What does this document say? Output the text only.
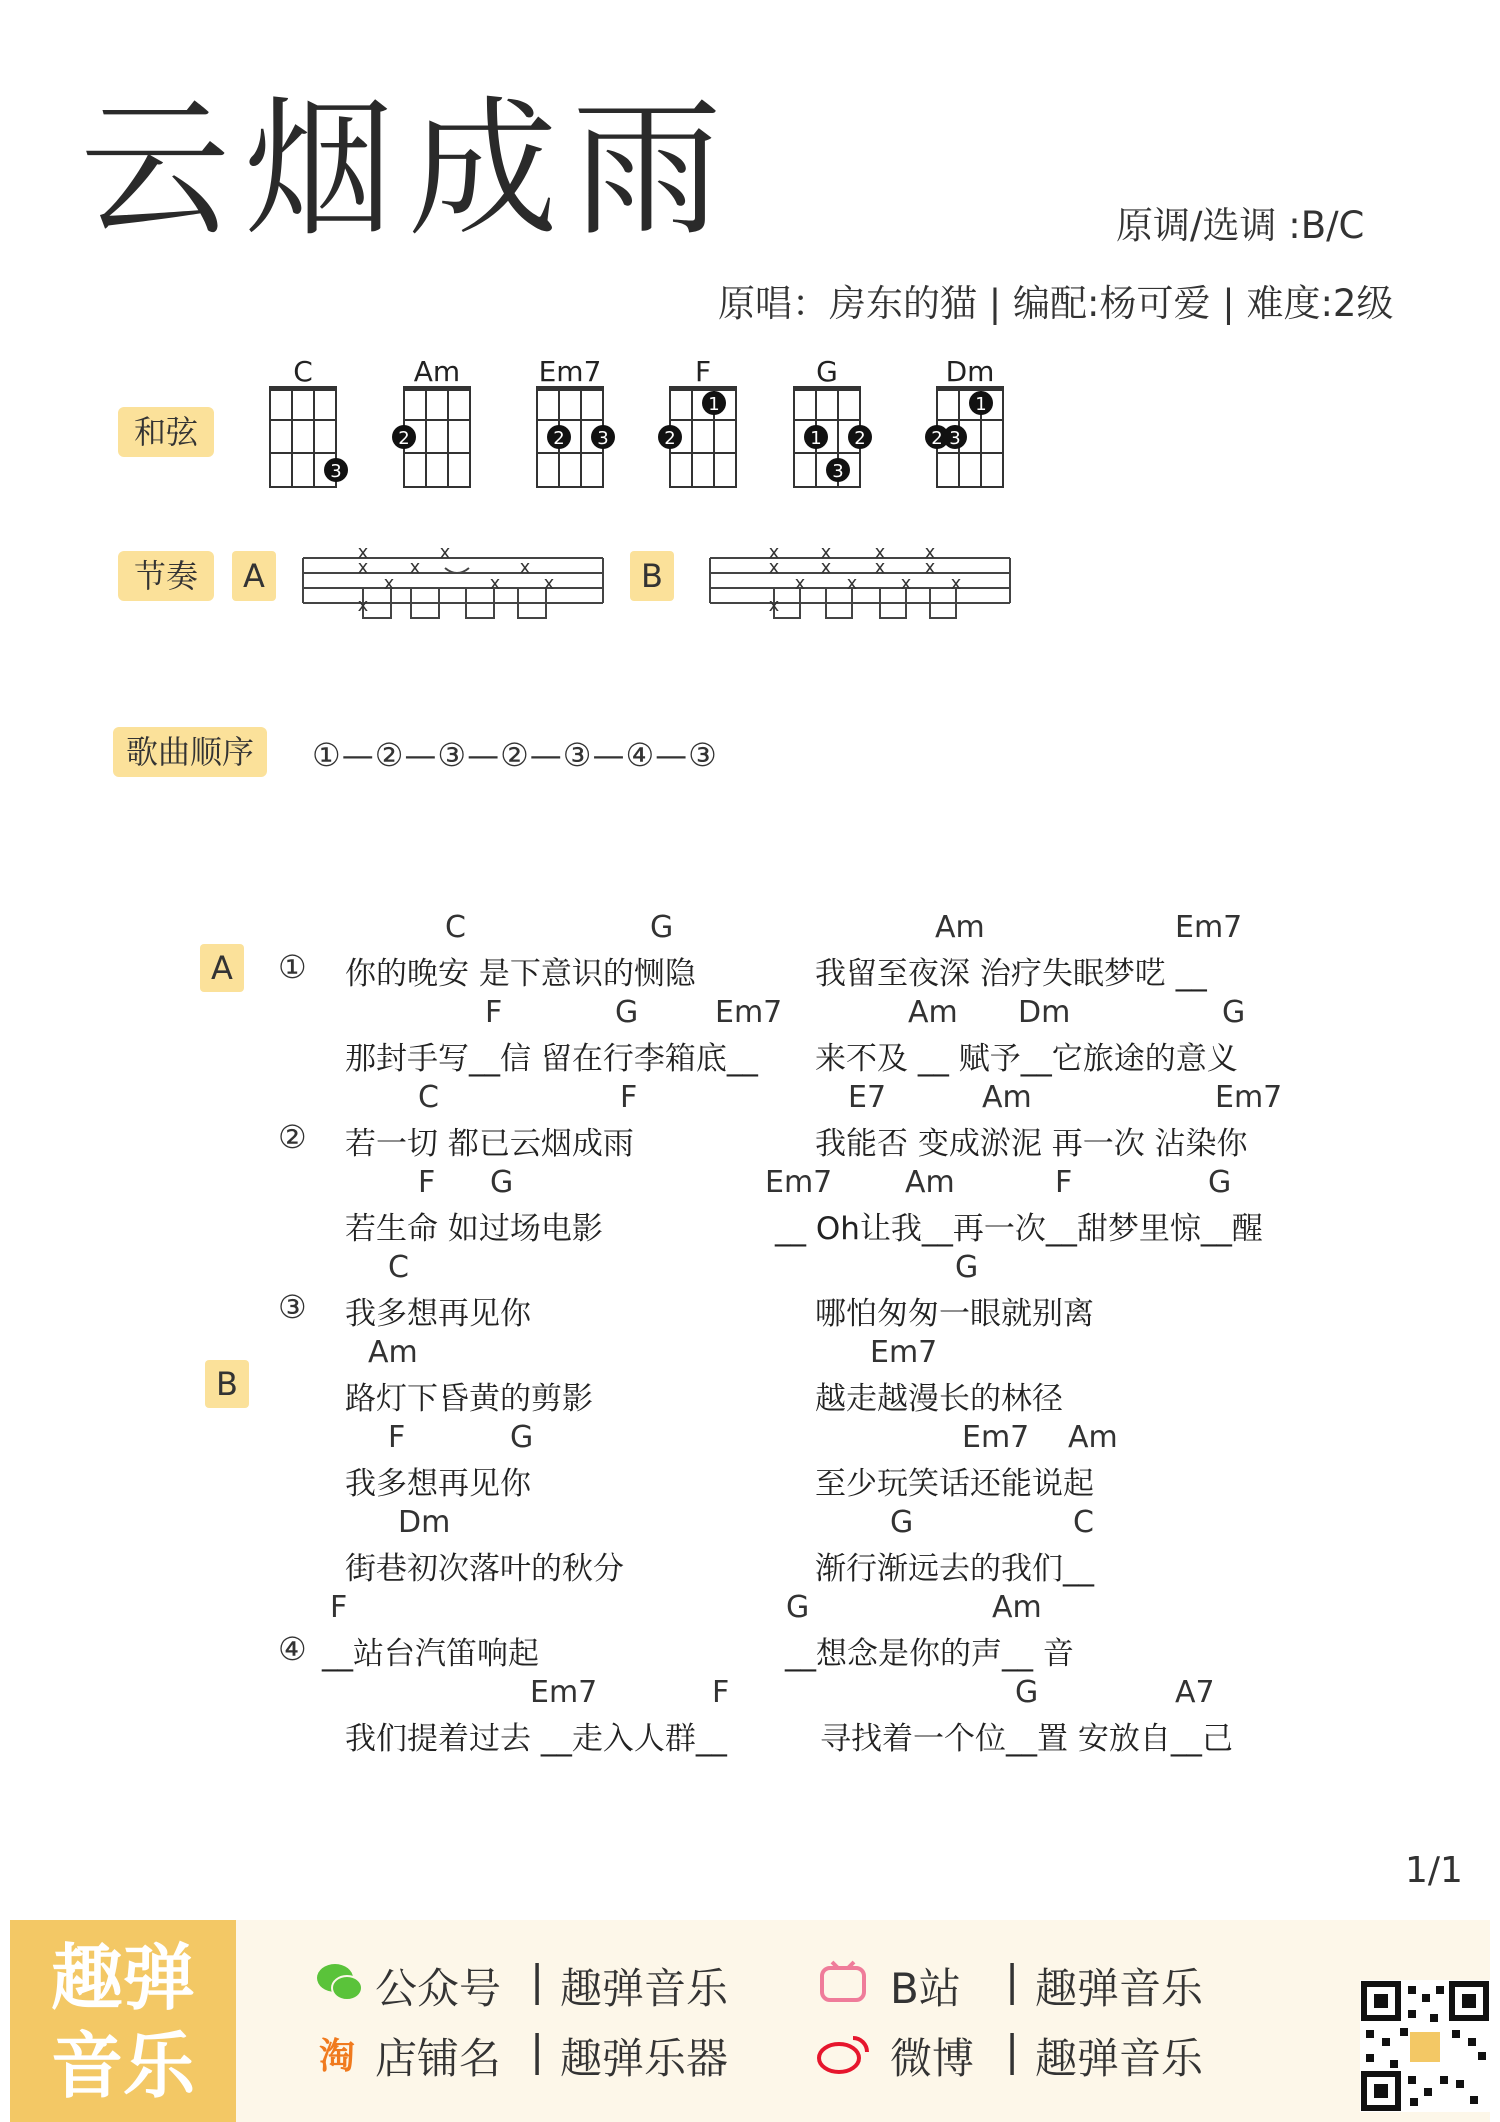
云烟成雨	原调/选调 :B/C
原唱：房东的猫 | 编配:杨可爱 | 难度:2级
和弦
C
3
Am
2
Em7
2 3
F
1
2
G
1 2
3
Dm
1
2 3
节奏	A
x
x
x
x
x
x
x
x
x	B
x
x
x
x
x
x
x
x
x
x
x
x
x
歌曲顺序	①—②—③—②—③—④—③
A
B
①
②
③
④
C	G	Am	Em7
你的晚安 是下意识的恻隐	我留至夜深 治疗失眠梦呓 __
F	G	Em7	Am Dm	G
那封手写__信 留在行李箱底__ 来不及 __ 赋予__它旅途的意义
C	F	E7	Am	Em7
若一切 都已云烟成雨	我能否 变成淤泥 再一次 沾染你
F G	Em7 Am	F	G
若生命 如过场电影	__ Oh让我__再一次__甜梦里惊__醒
C	G
我多想再见你	哪怕匆匆一眼就别离
Am	Em7
路灯下昏黄的剪影	越走越漫长的林径
F	G	Em7 Am
我多想再见你	至少玩笑话还能说起
Dm	G	C
街巷初次落叶的秋分	渐行渐远去的我们__
F	G	Am
__站台汽笛响起	__想念是你的声__ 音
Em7	F	G	A7
我们提着过去 __走入人群__	寻找着一个位__置 安放自__己
1/1
趣弹音乐
公众号 | 趣弹音乐	B站 | 趣弹音乐
淘 店铺名 | 趣弹乐器	微博 | 趣弹音乐
